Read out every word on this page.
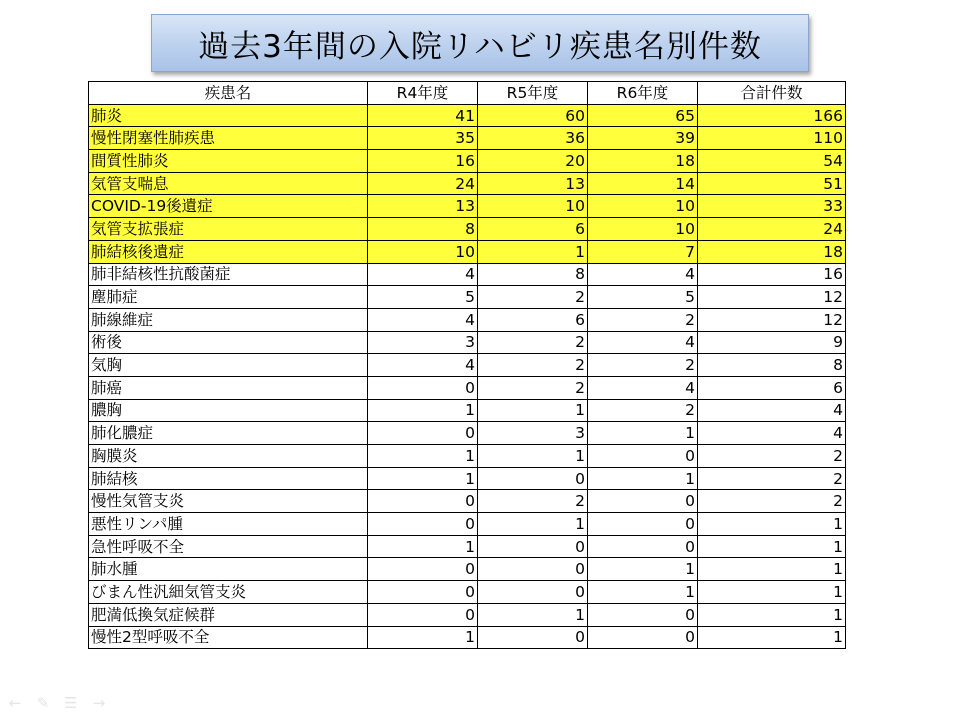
過去3年間の入院リハビリ疾患名別件数
疾患名	R4年度	R5年度	R6年度	合計件数
肺炎	41	60	65	166
慢性閉塞性肺疾患	35	36	39	110
間質性肺炎	16	20	18	54
気管支喘息	24	13	14	51
COVID-19後遺症	13	10	10	33
気管支拡張症	8	6	10	24
肺結核後遺症	10	1	7	18
肺非結核性抗酸菌症	4	8	4	16
塵肺症	5	2	5	12
肺線維症	4	6	2	12
術後	3	2	4	9
気胸	4	2	2	8
肺癌	0	2	4	6
膿胸	1	1	2	4
肺化膿症	0	3	1	4
胸膜炎	1	1	0	2
肺結核	1	0	1	2
慢性気管支炎	0	2	0	2
悪性リンパ腫	0	1	0	1
急性呼吸不全	1	0	0	1
肺水腫	0	0	1	1
びまん性汎細気管支炎	0	0	1	1
肥満低換気症候群	0	1	0	1
慢性2型呼吸不全	1	0	0	1
← ✎ ☰ →
